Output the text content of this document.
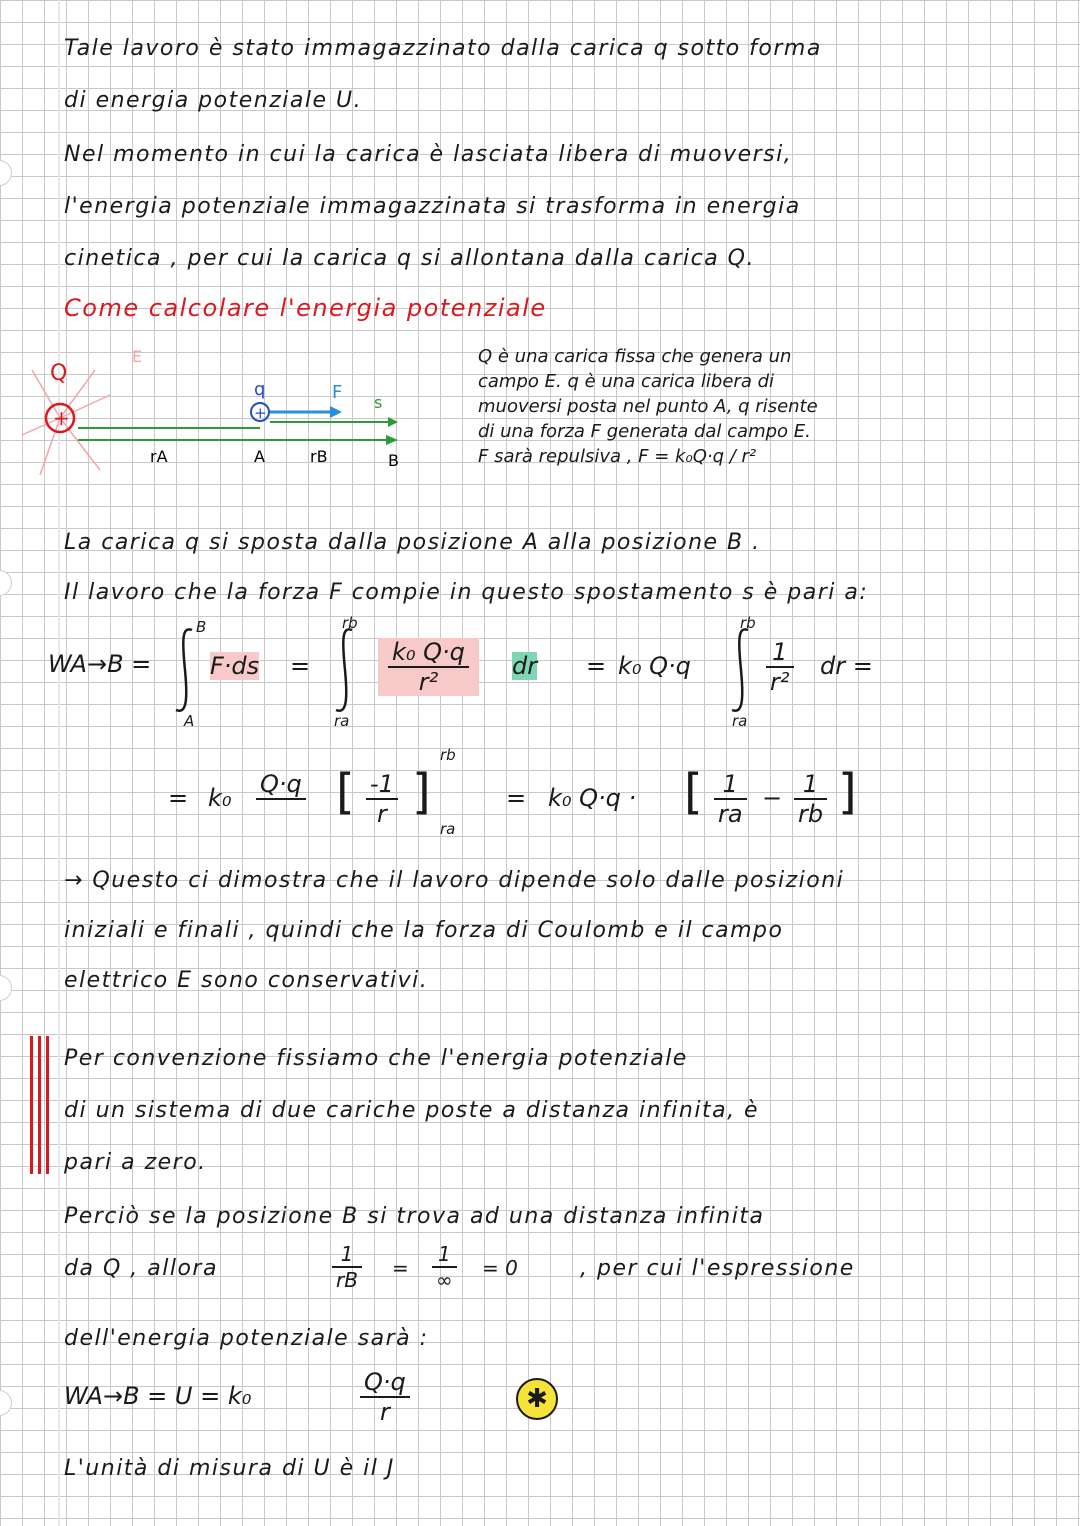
Tale lavoro è stato immagazzinato dalla carica q sotto forma
di energia potenziale U.
Nel momento in cui la carica è lasciata libera di muoversi,
l'energia potenziale immagazzinata si trasforma in energia
cinetica , per cui la carica q si allontana dalla carica Q.
Come calcolare l'energia potenziale
E
Q
+
q
+
F s
rA	A	rB	B
Q è una carica fissa che genera un
campo E. q è una carica libera di
muoversi posta nel punto A, q risente
di una forza F generata dal campo E.
F sarà repulsiva , F = k₀Q·q / r²
La carica q si sposta dalla posizione A alla posizione B .
Il lavoro che la forza F compie in questo spostamento s è pari a:
WA→B =
B
A
F·ds =
rb
ra
$\frac{\text{k₀ Q·q}}{\text{r²}}$ dr = k₀ Q·q
rb
ra
$\frac{1}{\text{r²}}$ dr =
= k₀ Q·q
[ $\frac{-1}{r}$ ]
rb
ra
= k₀ Q·q · [ $\frac{1}{ra} - \frac{1}{rb}$ ]
→ Questo ci dimostra che il lavoro dipende solo dalle posizioni
iniziali e finali , quindi che la forza di Coulomb e il campo
elettrico E sono conservativi.
Per convenzione fissiamo che l'energia potenziale
di un sistema di due cariche poste a distanza infinita, è
pari a zero.
Perciò se la posizione B si trova ad una distanza infinita
da Q , allora	$\frac{1}{rB} = \frac{1}{\infty} = 0$	, per cui l'espressione
dell'energia potenziale sarà :
WA→B = U = k₀	$\frac{Q\cdot q}{r}$	✱
L'unità di misura di U è il J
